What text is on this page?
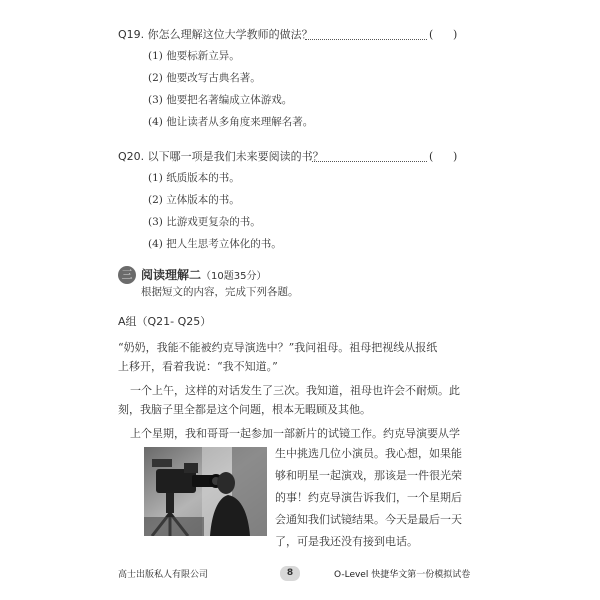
Q19. 你怎么理解这位大学教师的做法？	( )
(1) 他要标新立异。
(2) 他要改写古典名著。
(3) 他要把名著编成立体游戏。
(4) 他让读者从多角度来理解名著。
Q20. 以下哪一项是我们未来要阅读的书？	( )
(1) 纸质版本的书。
(2) 立体版本的书。
(3) 比游戏更复杂的书。
(4) 把人生思考立体化的书。
三 阅读理解二（10题35分）
根据短文的内容，完成下列各题。
A组（Q21- Q25）
“奶奶，我能不能被约克导演选中？”我问祖母。祖母把视线从报纸
上移开，看着我说：“我不知道。”
一个上午，这样的对话发生了三次。我知道，祖母也许会不耐烦。此
刻，我脑子里全都是这个问题，根本无暇顾及其他。
上个星期，我和哥哥一起参加一部新片的试镜工作。约克导演要从学
生中挑选几位小演员。我心想，如果能
够和明星一起演戏，那该是一件很光荣
的事！约克导演告诉我们，一个星期后
会通知我们试镜结果。今天是最后一天
了，可是我还没有接到电话。
高士出版私人有限公司	8	O-Level 快捷华文第一份模拟试卷
